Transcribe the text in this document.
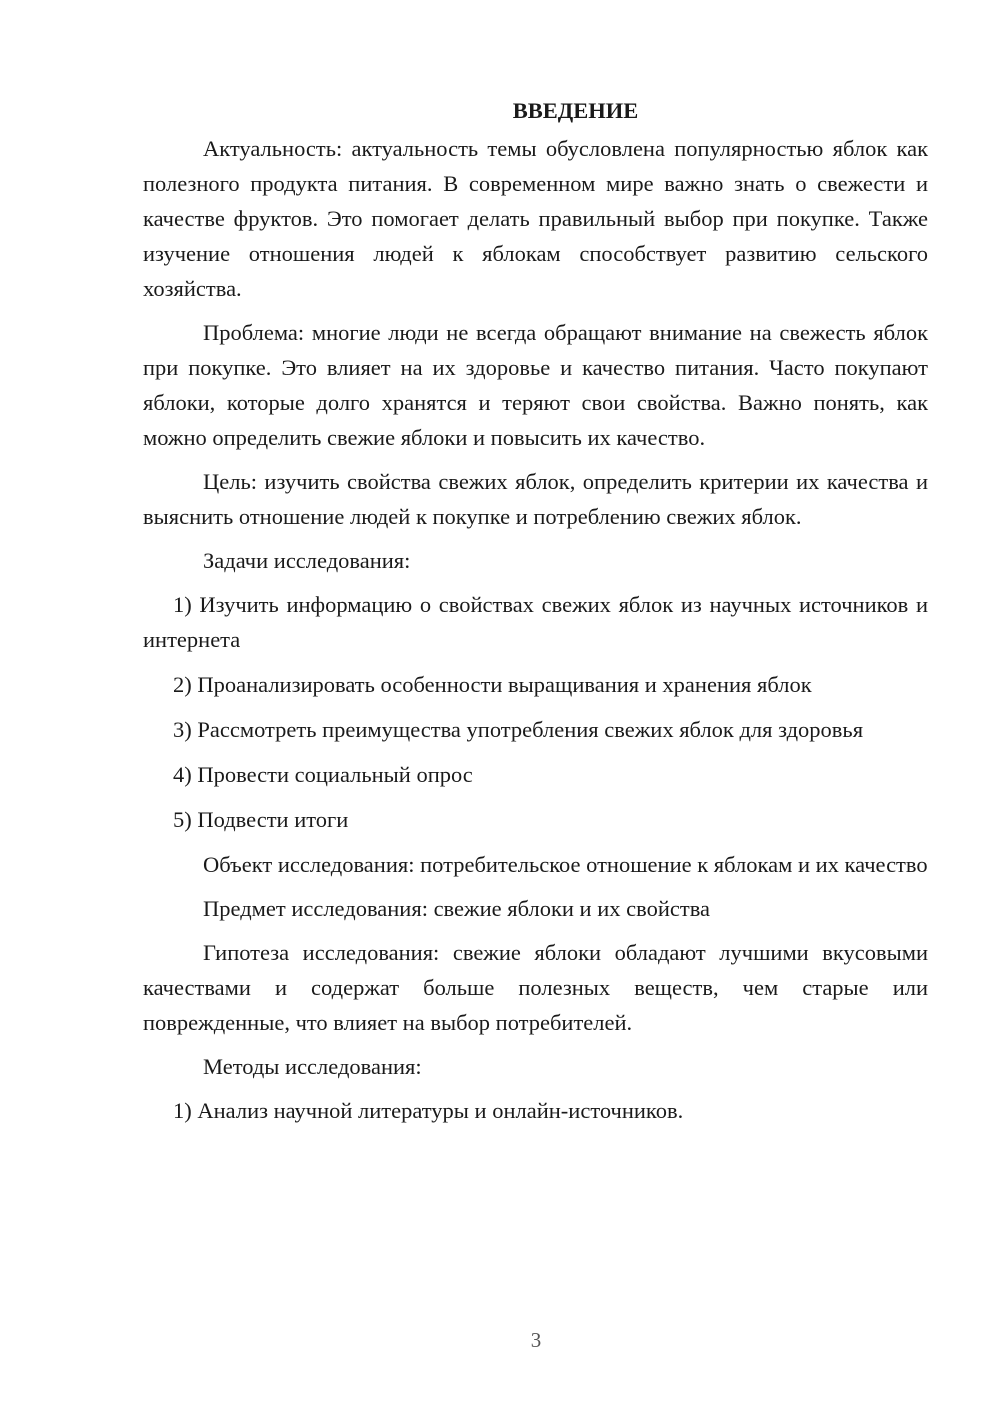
ВВЕДЕНИЕ

Актуальность: актуальность темы обусловлена популярностью яблок как полезного продукта питания. В современном мире важно знать о свежести и качестве фруктов. Это помогает делать правильный выбор при покупке. Также изучение отношения людей к яблокам способствует развитию сельского хозяйства.

Проблема: многие люди не всегда обращают внимание на свежесть яблок при покупке. Это влияет на их здоровье и качество питания. Часто покупают яблоки, которые долго хранятся и теряют свои свойства. Важно понять, как можно определить свежие яблоки и повысить их качество.

Цель: изучить свойства свежих яблок, определить критерии их качества и выяснить отношение людей к покупке и потреблению свежих яблок.

Задачи исследования:

1) Изучить информацию о свойствах свежих яблок из научных источников и интернета

2) Проанализировать особенности выращивания и хранения яблок

3) Рассмотреть преимущества употребления свежих яблок для здоровья

4) Провести социальный опрос

5) Подвести итоги

Объект исследования: потребительское отношение к яблокам и их качество

Предмет исследования: свежие яблоки и их свойства

Гипотеза исследования: свежие яблоки обладают лучшими вкусовыми качествами и содержат больше полезных веществ, чем старые или поврежденные, что влияет на выбор потребителей.

Методы исследования:

1) Анализ научной литературы и онлайн-источников.

3
